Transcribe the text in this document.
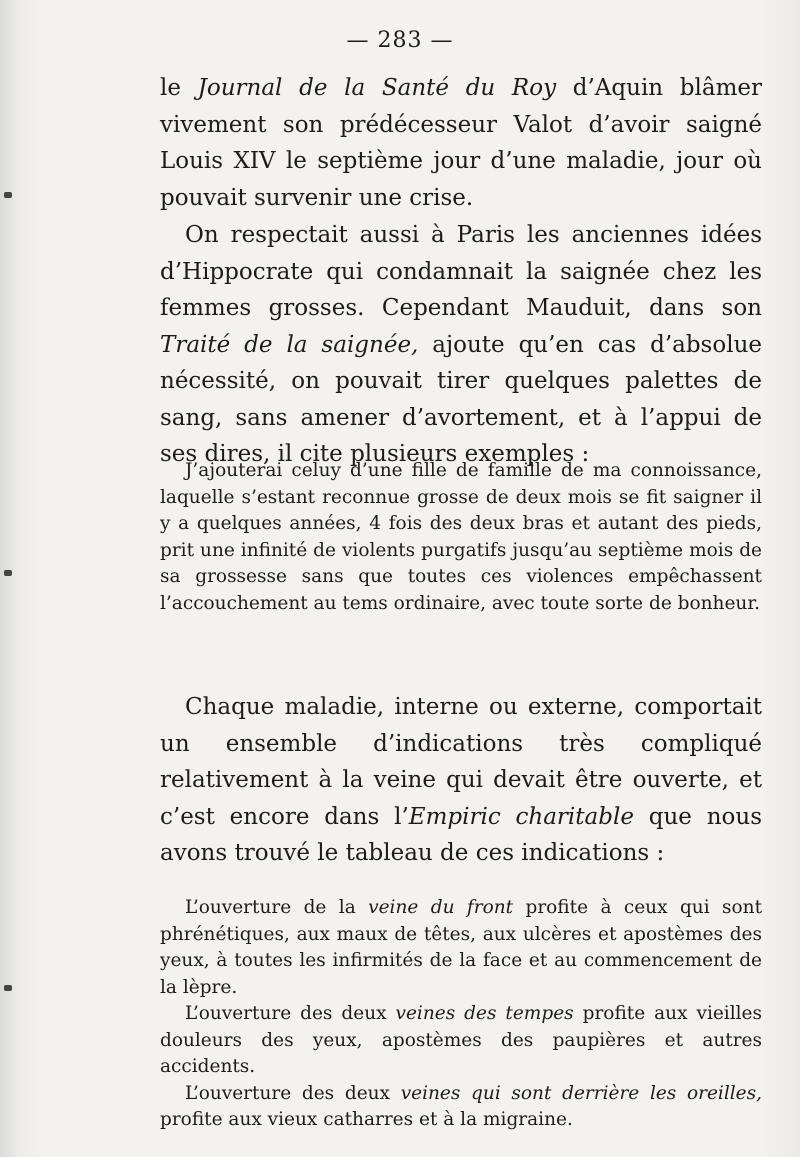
— 283 —

le Journal de la Santé du Roy d’Aquin blâmer vivement son prédécesseur Valot d’avoir saigné Louis XIV le septième jour d’une maladie, jour où pouvait survenir une crise.

On respectait aussi à Paris les anciennes idées d’Hippocrate qui condamnait la saignée chez les femmes grosses. Cependant Mauduit, dans son Traité de la saignée, ajoute qu’en cas d’absolue nécessité, on pouvait tirer quelques palettes de sang, sans amener d’avortement, et à l’appui de ses dires, il cite plusieurs exemples :

J’ajouterai celuy d’une fille de famille de ma connoissance, laquelle s’estant reconnue grosse de deux mois se fit saigner il y a quelques années, 4 fois des deux bras et autant des pieds, prit une infinité de violents purgatifs jusqu’au septième mois de sa grossesse sans que toutes ces violences empêchassent l’accouchement au tems ordinaire, avec toute sorte de bonheur.

Chaque maladie, interne ou externe, comportait un ensemble d’indications très compliqué relativement à la veine qui devait être ouverte, et c’est encore dans l’Empiric charitable que nous avons trouvé le tableau de ces indications :

L’ouverture de la veine du front profite à ceux qui sont phrénétiques, aux maux de têtes, aux ulcères et apostèmes des yeux, à toutes les infirmités de la face et au commencement de la lèpre.

L’ouverture des deux veines des tempes profite aux vieilles douleurs des yeux, apostèmes des paupières et autres accidents.

L’ouverture des deux veines qui sont derrière les oreilles, profite aux vieux catharres et à la migraine.
